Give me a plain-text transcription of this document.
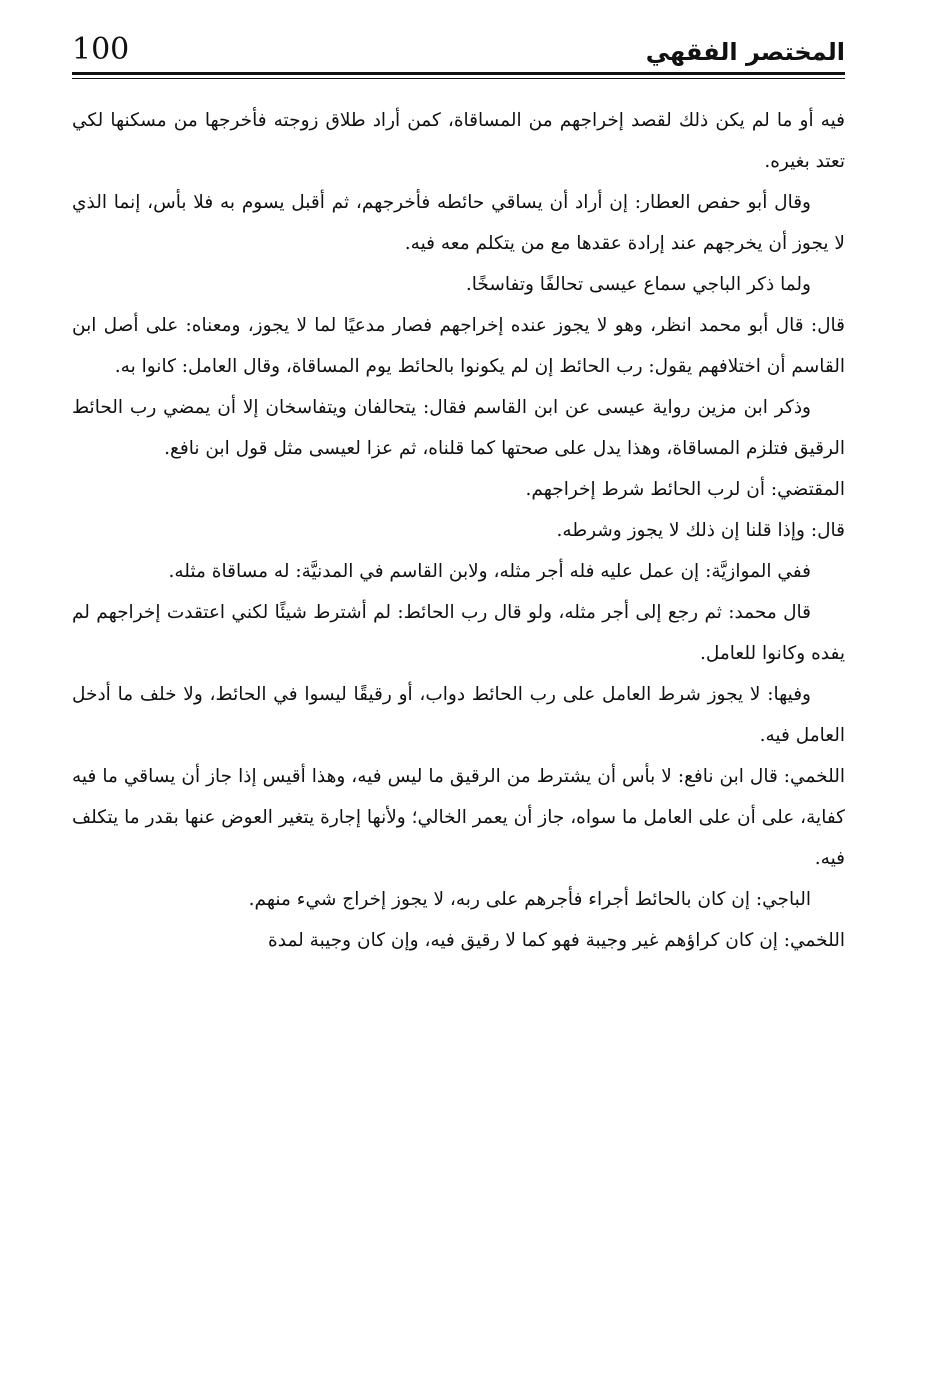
100	المختصر الفقهي

فيه أو ما لم يكن ذلك لقصد إخراجهم من المساقاة، كمن أراد طلاق زوجته فأخرجها من مسكنها لكي تعتد بغيره.

وقال أبو حفص العطار: إن أراد أن يساقي حائطه فأخرجهم، ثم أقبل يسوم به فلا بأس، إنما الذي لا يجوز أن يخرجهم عند إرادة عقدها مع من يتكلم معه فيه.

ولما ذكر الباجي سماع عيسى تحالفًا وتفاسخًا.

قال: قال أبو محمد انظر، وهو لا يجوز عنده إخراجهم فصار مدعيًا لما لا يجوز، ومعناه: على أصل ابن القاسم أن اختلافهم يقول: رب الحائط إن لم يكونوا بالحائط يوم المساقاة، وقال العامل: كانوا به.

وذكر ابن مزين رواية عيسى عن ابن القاسم فقال: يتحالفان ويتفاسخان إلا أن يمضي رب الحائط الرقيق فتلزم المساقاة، وهذا يدل على صحتها كما قلناه، ثم عزا لعيسى مثل قول ابن نافع.

المقتضي: أن لرب الحائط شرط إخراجهم.

قال: وإذا قلنا إن ذلك لا يجوز وشرطه.

ففي الموازيَّة: إن عمل عليه فله أجر مثله، ولابن القاسم في المدنيَّة: له مساقاة مثله.

قال محمد: ثم رجع إلى أجر مثله، ولو قال رب الحائط: لم أشترط شيئًا لكني اعتقدت إخراجهم لم يفده وكانوا للعامل.

وفيها: لا يجوز شرط العامل على رب الحائط دواب، أو رقيقًا ليسوا في الحائط، ولا خلف ما أدخل العامل فيه.

اللخمي: قال ابن نافع: لا بأس أن يشترط من الرقيق ما ليس فيه، وهذا أقيس إذا جاز أن يساقي ما فيه كفاية، على أن على العامل ما سواه، جاز أن يعمر الخالي؛ ولأنها إجارة يتغير العوض عنها بقدر ما يتكلف فيه.

الباجي: إن كان بالحائط أجراء فأجرهم على ربه، لا يجوز إخراج شيء منهم.

اللخمي: إن كان كراؤهم غير وجيبة فهو كما لا رقيق فيه، وإن كان وجيبة لمدة
